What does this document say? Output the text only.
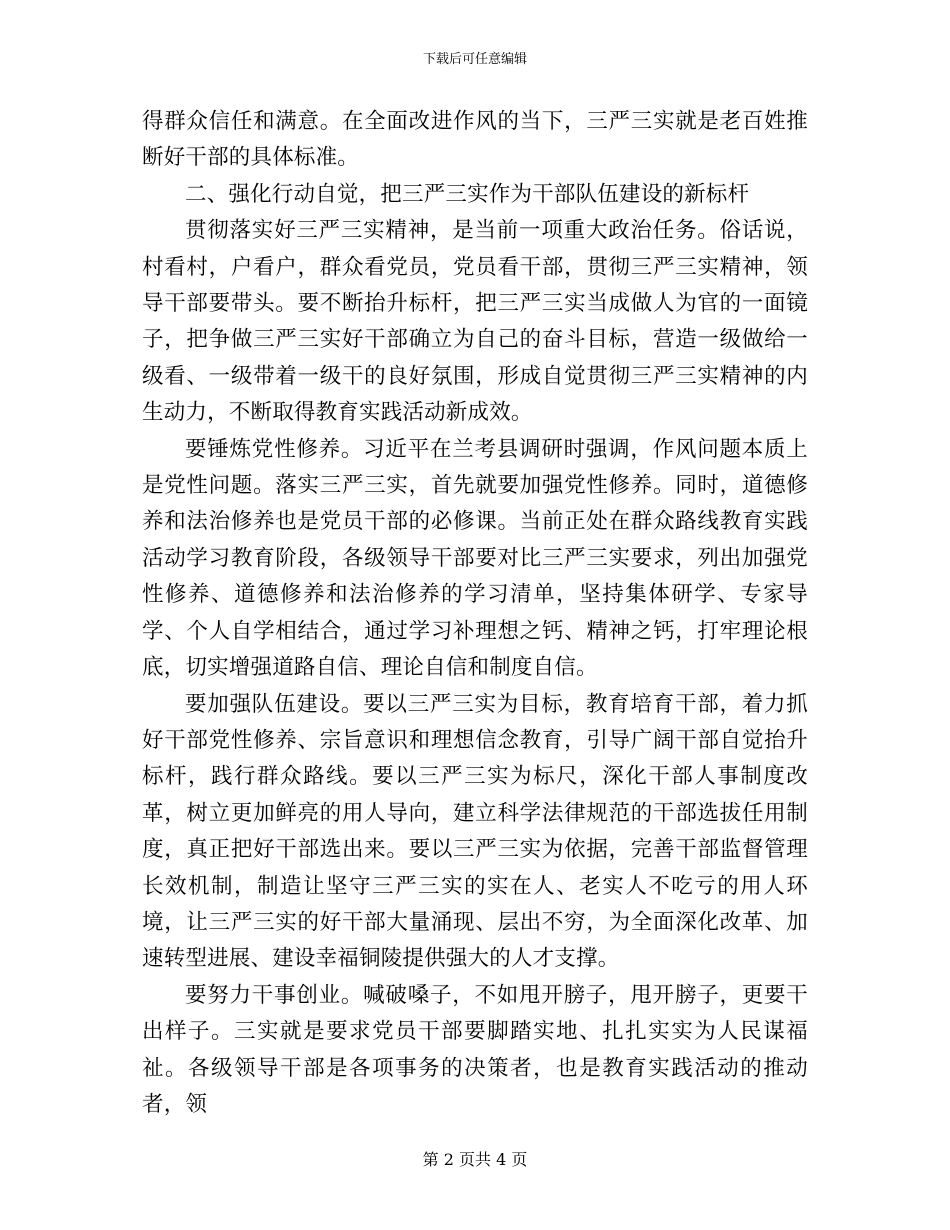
下载后可任意编辑

得群众信任和满意。在全面改进作风的当下，三严三实就是老百姓推断好干部的具体标准。

二、强化行动自觉，把三严三实作为干部队伍建设的新标杆

贯彻落实好三严三实精神，是当前一项重大政治任务。俗话说，村看村，户看户，群众看党员，党员看干部，贯彻三严三实精神，领导干部要带头。要不断抬升标杆，把三严三实当成做人为官的一面镜子，把争做三严三实好干部确立为自己的奋斗目标，营造一级做给一级看、一级带着一级干的良好氛围，形成自觉贯彻三严三实精神的内生动力，不断取得教育实践活动新成效。

要锤炼党性修养。习近平在兰考县调研时强调，作风问题本质上是党性问题。落实三严三实，首先就要加强党性修养。同时，道德修养和法治修养也是党员干部的必修课。当前正处在群众路线教育实践活动学习教育阶段，各级领导干部要对比三严三实要求，列出加强党性修养、道德修养和法治修养的学习清单，坚持集体研学、专家导学、个人自学相结合，通过学习补理想之钙、精神之钙，打牢理论根底，切实增强道路自信、理论自信和制度自信。

要加强队伍建设。要以三严三实为目标，教育培育干部，着力抓好干部党性修养、宗旨意识和理想信念教育，引导广阔干部自觉抬升标杆，践行群众路线。要以三严三实为标尺，深化干部人事制度改革，树立更加鲜亮的用人导向，建立科学法律规范的干部选拔任用制度，真正把好干部选出来。要以三严三实为依据，完善干部监督管理长效机制，制造让坚守三严三实的实在人、老实人不吃亏的用人环境，让三严三实的好干部大量涌现、层出不穷，为全面深化改革、加速转型进展、建设幸福铜陵提供强大的人才支撑。

要努力干事创业。喊破嗓子，不如甩开膀子，甩开膀子，更要干出样子。三实就是要求党员干部要脚踏实地、扎扎实实为人民谋福祉。各级领导干部是各项事务的决策者，也是教育实践活动的推动者，领

第 2 页共 4 页
